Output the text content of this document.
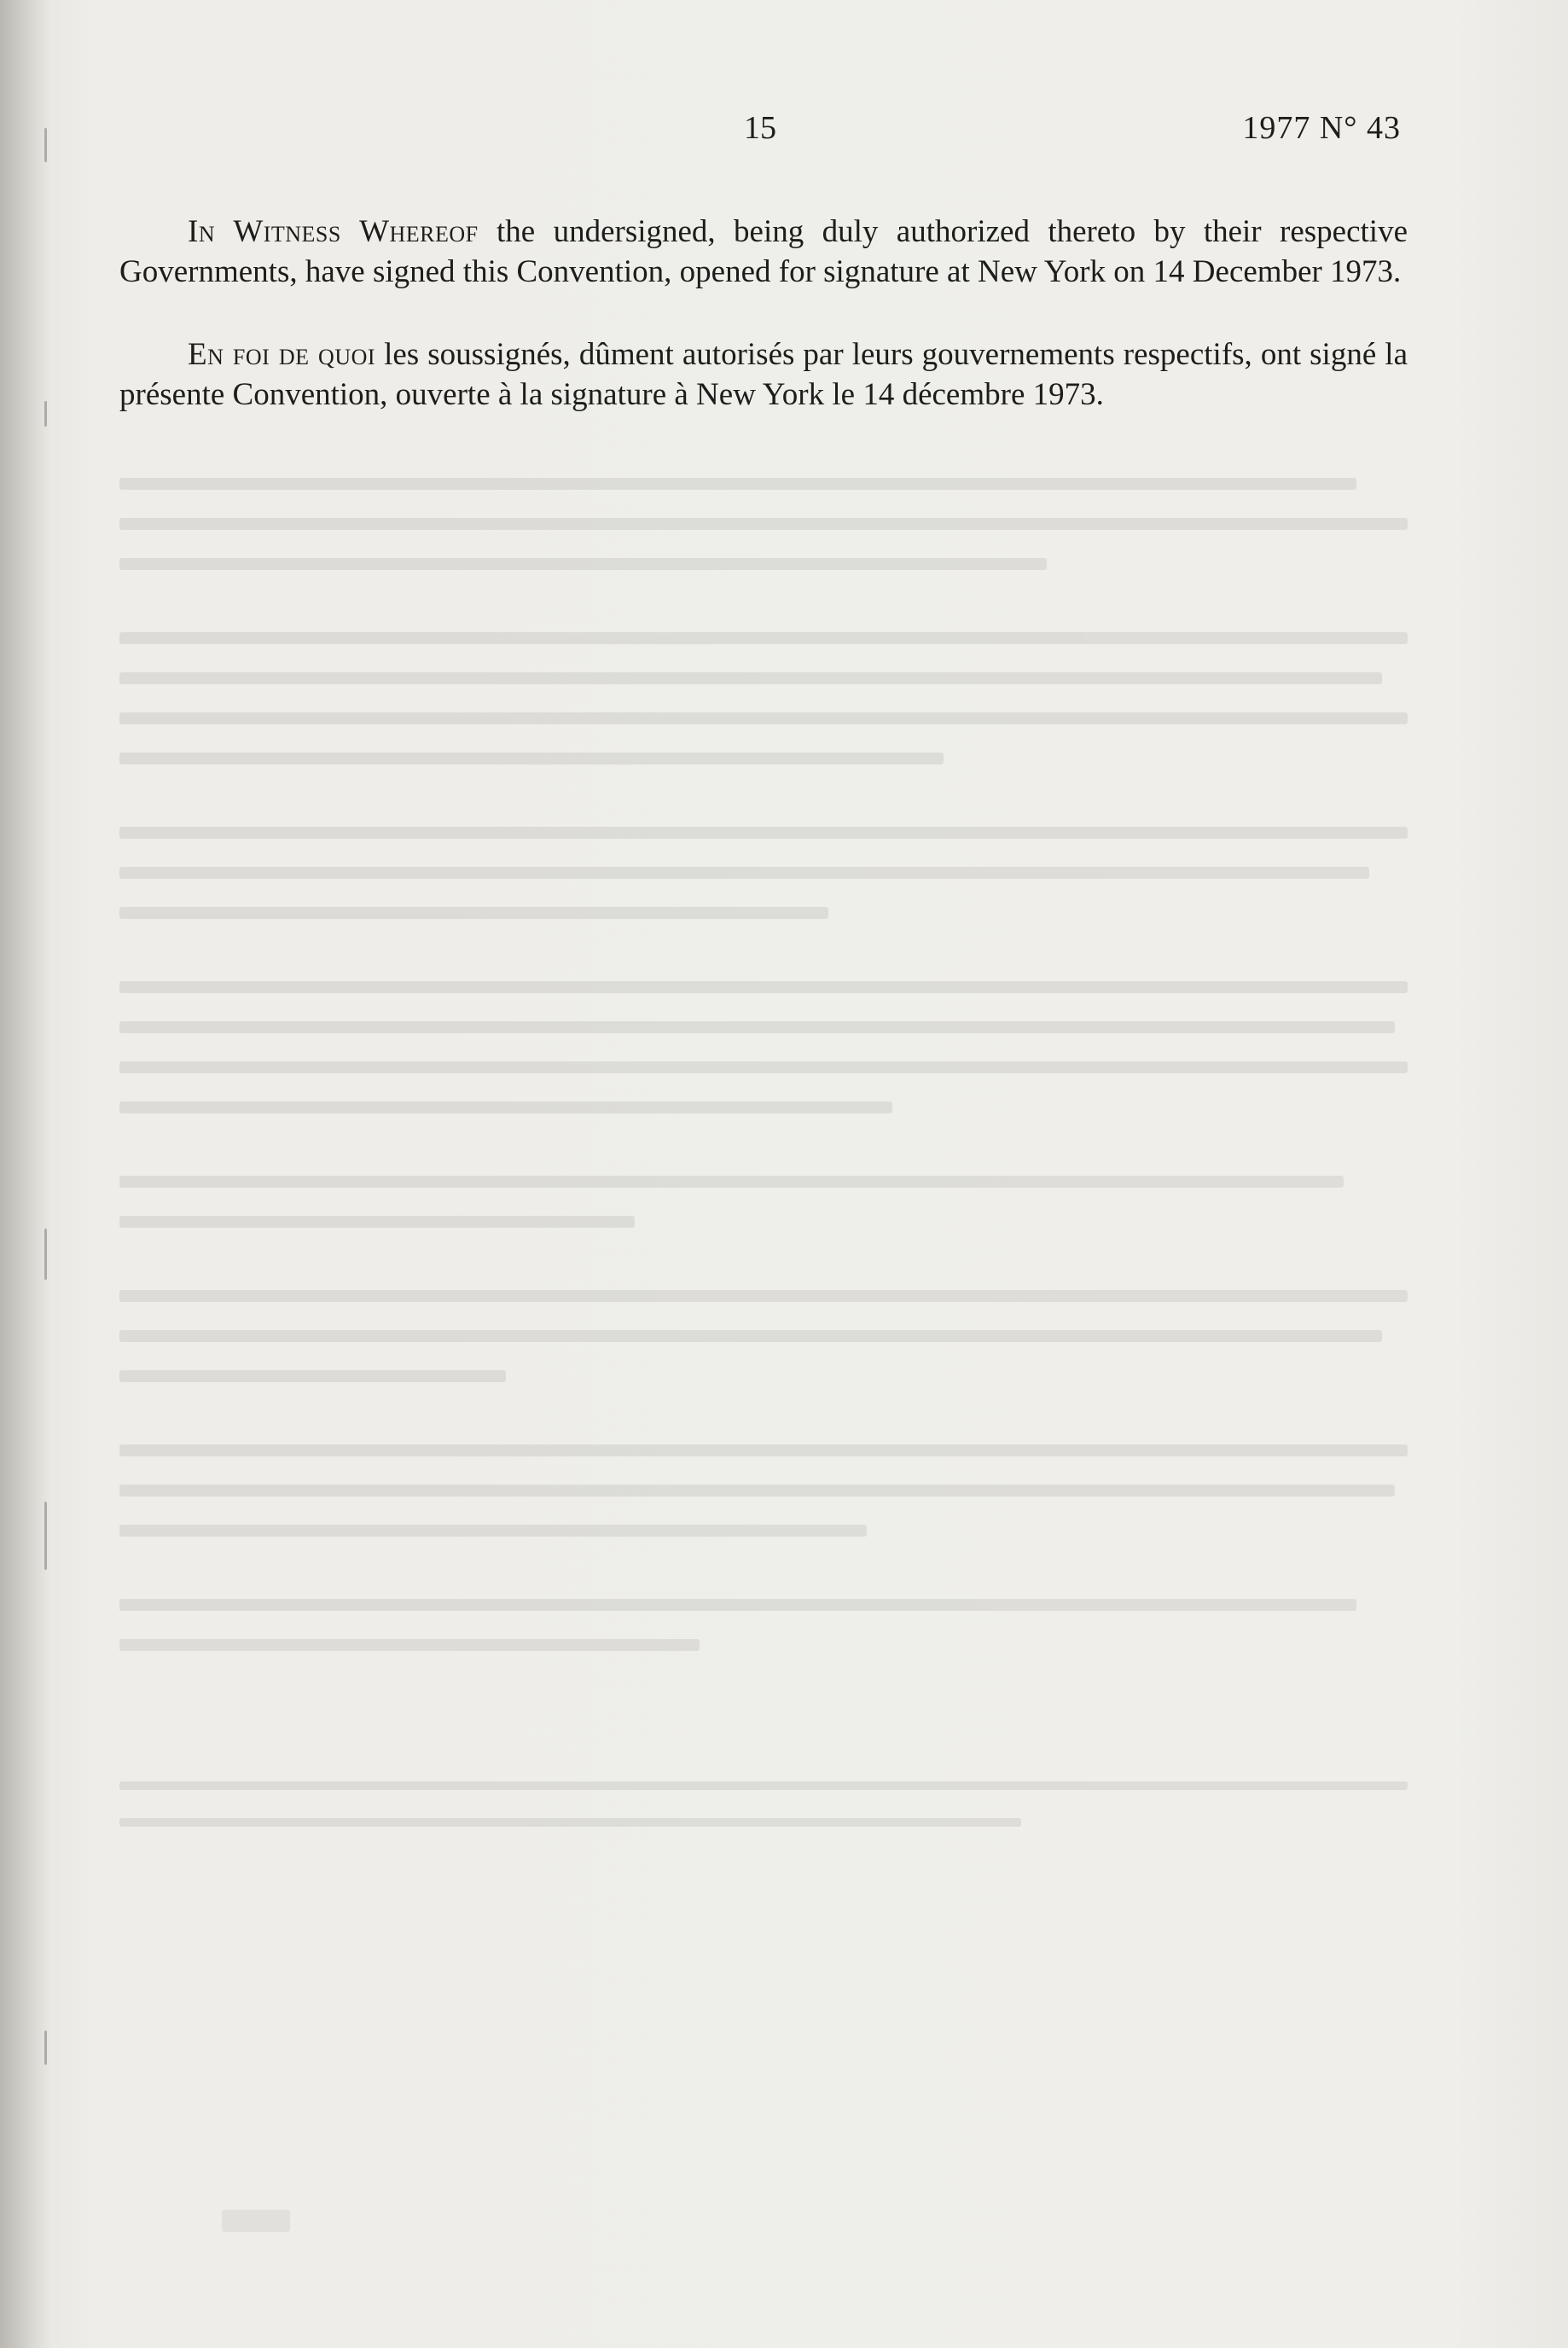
15	1977 N° 43

In Witness Whereof the undersigned, being duly authorized thereto by their respective Governments, have signed this Convention, opened for signature at New York on 14 December 1973.

En foi de quoi les soussignés, dûment autorisés par leurs gouvernements respectifs, ont signé la présente Convention, ouverte à la signature à New York le 14 décembre 1973.
